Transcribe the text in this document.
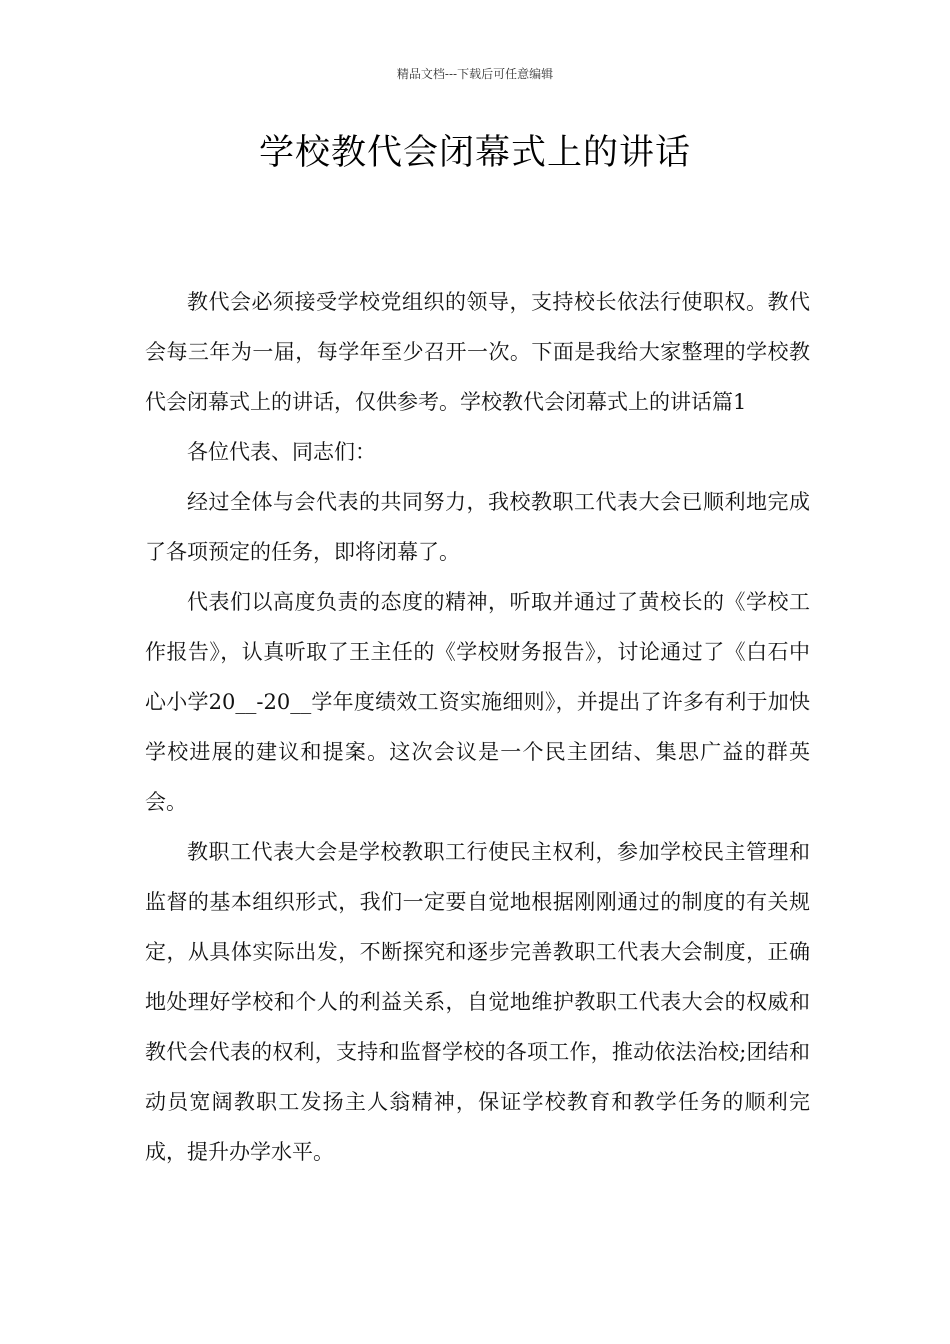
精品文档---下载后可任意编辑
学校教代会闭幕式上的讲话

教代会必须接受学校党组织的领导，支持校长依法行使职权。教代会每三年为一届，每学年至少召开一次。下面是我给大家整理的学校教代会闭幕式上的讲话，仅供参考。学校教代会闭幕式上的讲话篇1

各位代表、同志们：

经过全体与会代表的共同努力，我校教职工代表大会已顺利地完成了各项预定的任务，即将闭幕了。

代表们以高度负责的态度的精神，听取并通过了黄校长的《学校工作报告》，认真听取了王主任的《学校财务报告》，讨论通过了《白石中心小学20__-20__学年度绩效工资实施细则》，并提出了许多有利于加快学校进展的建议和提案。这次会议是一个民主团结、集思广益的群英会。

教职工代表大会是学校教职工行使民主权利，参加学校民主管理和监督的基本组织形式，我们一定要自觉地根据刚刚通过的制度的有关规定，从具体实际出发，不断探究和逐步完善教职工代表大会制度，正确地处理好学校和个人的利益关系，自觉地维护教职工代表大会的权威和教代会代表的权利，支持和监督学校的各项工作，推动依法治校;团结和动员宽阔教职工发扬主人翁精神，保证学校教育和教学任务的顺利完成，提升办学水平。
